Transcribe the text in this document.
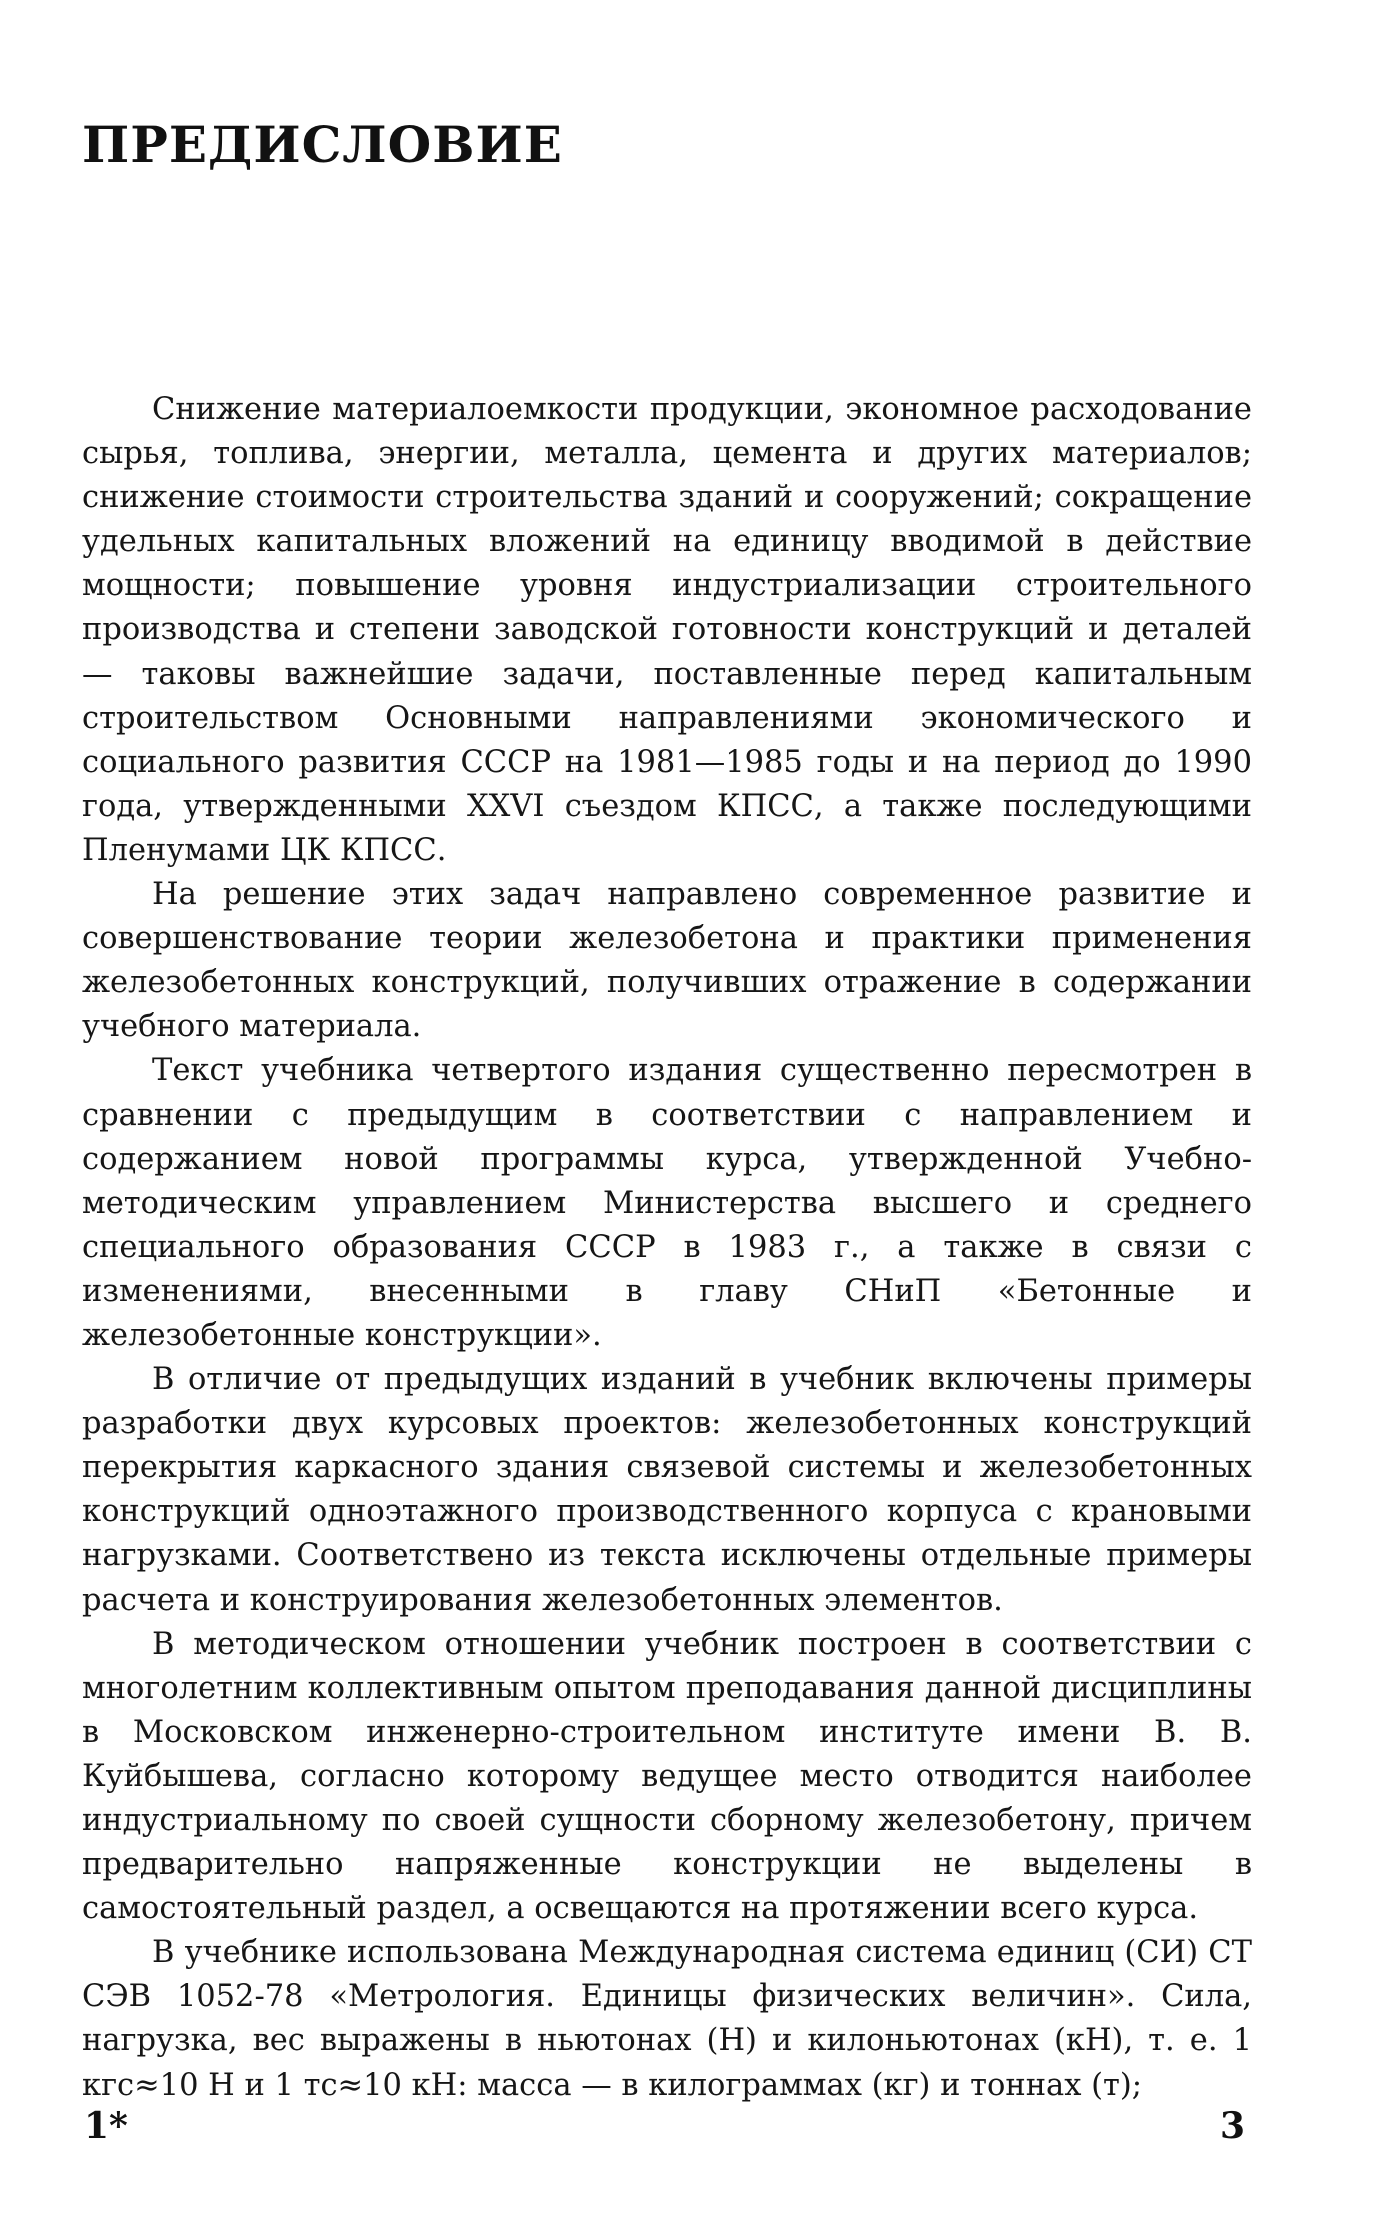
ПРЕДИСЛОВИЕ

Снижение материалоемкости продукции, экономное расходование сырья, топлива, энергии, металла, цемента и других материалов; снижение стоимости строительства зданий и сооружений; сокращение удельных капитальных вложений на единицу вводимой в действие мощности; повышение уровня индустриализации строительного производства и степени заводской готовности конструкций и деталей — таковы важнейшие задачи, поставленные перед капитальным строительством Основными направлениями экономического и социального развития СССР на 1981—1985 годы и на период до 1990 года, утвержденными XXVI съездом КПСС, а также последующими Пленумами ЦК КПСС.

На решение этих задач направлено современное развитие и совершенствование теории железобетона и практики применения железобетонных конструкций, получивших отражение в содержании учебного материала.

Текст учебника четвертого издания существенно пересмотрен в сравнении с предыдущим в соответствии с направлением и содержанием новой программы курса, утвержденной Учебно-методическим управлением Министерства высшего и среднего специального образования СССР в 1983 г., а также в связи с изменениями, внесенными в главу СНиП «Бетонные и железобетонные конструкции».

В отличие от предыдущих изданий в учебник включены примеры разработки двух курсовых проектов: железобетонных конструкций перекрытия каркасного здания связевой системы и железобетонных конструкций одноэтажного производственного корпуса с крановыми нагрузками. Соответствено из текста исключены отдельные примеры расчета и конструирования железобетонных элементов.

В методическом отношении учебник построен в соответствии с многолетним коллективным опытом преподавания данной дисциплины в Московском инженерно-строительном институте имени В. В. Куйбышева, согласно которому ведущее место отводится наиболее индустриальному по своей сущности сборному железобетону, причем предварительно напряженные конструкции не выделены в самостоятельный раздел, а освещаются на протяжении всего курса.

В учебнике использована Международная система единиц (СИ) СТ СЭВ 1052-78 «Метрология. Единицы физических величин». Сила, нагрузка, вес выражены в ньютонах (Н) и килоньютонах (кН), т. е. 1 кгс≈10 Н и 1 тс≈10 кН: масса — в килограммах (кг) и тоннах (т);

1*	3
